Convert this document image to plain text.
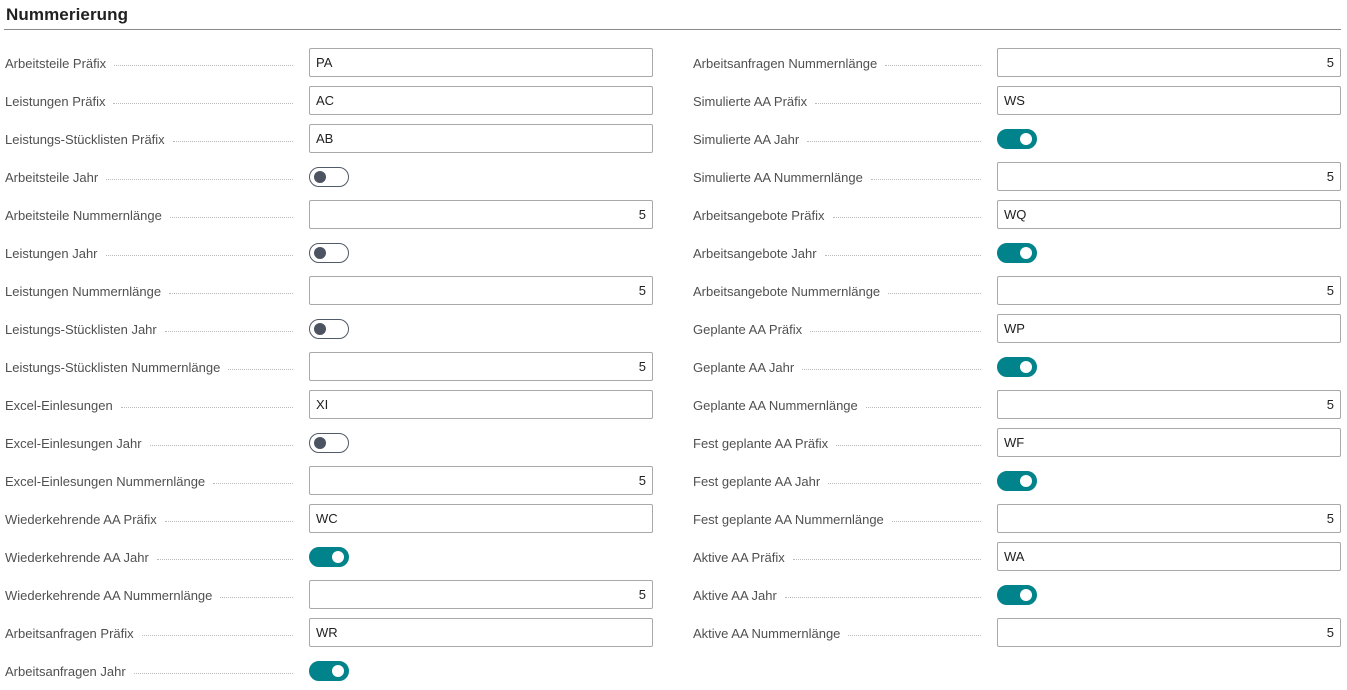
Nummerierung
Arbeitsteile Präfix	PA
Leistungen Präfix	AC
Leistungs-Stücklisten Präfix	AB
Arbeitsteile Jahr
Arbeitsteile Nummernlänge	5
Leistungen Jahr
Leistungen Nummernlänge	5
Leistungs-Stücklisten Jahr
Leistungs-Stücklisten Nummernlänge	5
Excel-Einlesungen	XI
Excel-Einlesungen Jahr
Excel-Einlesungen Nummernlänge	5
Wiederkehrende AA Präfix	WC
Wiederkehrende AA Jahr
Wiederkehrende AA Nummernlänge	5
Arbeitsanfragen Präfix	WR
Arbeitsanfragen Jahr
Arbeitsanfragen Nummernlänge	5
Simulierte AA Präfix	WS
Simulierte AA Jahr
Simulierte AA Nummernlänge	5
Arbeitsangebote Präfix	WQ
Arbeitsangebote Jahr
Arbeitsangebote Nummernlänge	5
Geplante AA Präfix	WP
Geplante AA Jahr
Geplante AA Nummernlänge	5
Fest geplante AA Präfix	WF
Fest geplante AA Jahr
Fest geplante AA Nummernlänge	5
Aktive AA Präfix	WA
Aktive AA Jahr
Aktive AA Nummernlänge	5
